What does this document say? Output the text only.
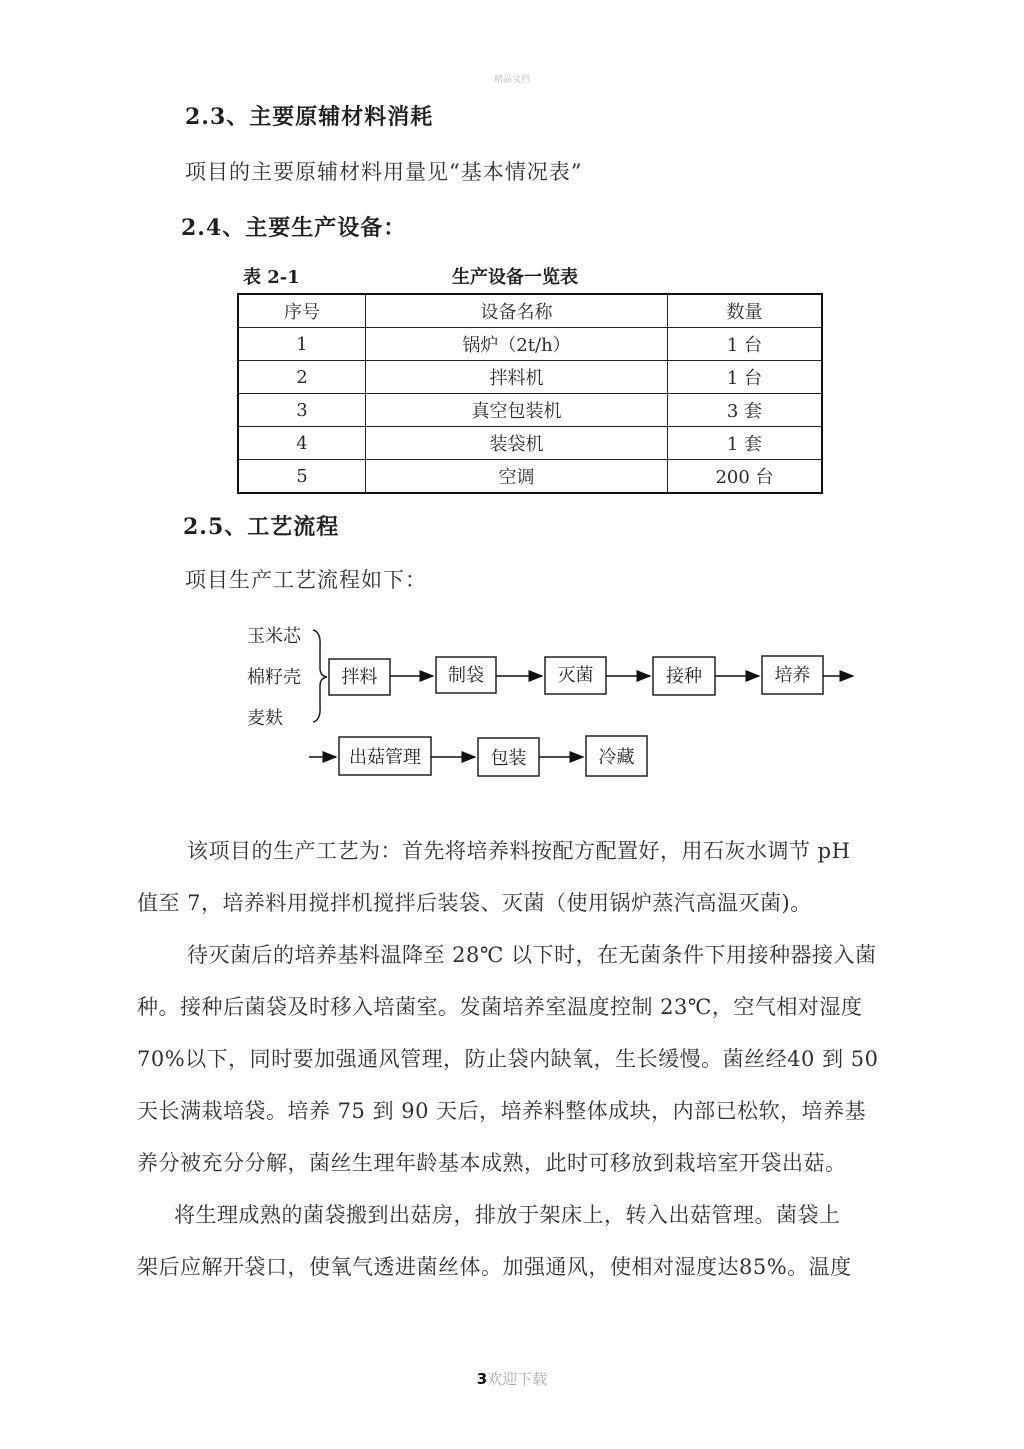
精品文档
2.3、主要原辅材料消耗
项目的主要原辅材料用量见“基本情况表”
2.4、主要生产设备：
表 2-1	生产设备一览表
序号	设备名称	数量
1	锅炉（2t/h）	1 台
2	拌料机	1 台
3	真空包装机	3 套
4	装袋机	1 套
5	空调	200 台
2.5、工艺流程
项目生产工艺流程如下：
玉米芯
棉籽壳
麦麸
拌料	制袋	灭菌	接种	培养
出菇管理	包装	冷藏

该项目的生产工艺为：首先将培养料按配方配置好，用石灰水调节 pH

值至 7，培养料用搅拌机搅拌后装袋、灭菌（使用锅炉蒸汽高温灭菌)。

待灭菌后的培养基料温降至 28℃ 以下时，在无菌条件下用接种器接入菌

种。接种后菌袋及时移入培菌室。发菌培养室温度控制 23℃，空气相对湿度

70%以下，同时要加强通风管理，防止袋内缺氧，生长缓慢。菌丝经40 到 50

天长满栽培袋。培养 75 到 90 天后，培养料整体成块，内部已松软，培养基

养分被充分分解，菌丝生理年龄基本成熟，此时可移放到栽培室开袋出菇。

将生理成熟的菌袋搬到出菇房，排放于架床上，转入出菇管理。菌袋上

架后应解开袋口，使氧气透进菌丝体。加强通风，使相对湿度达85%。温度

3欢迎下载
